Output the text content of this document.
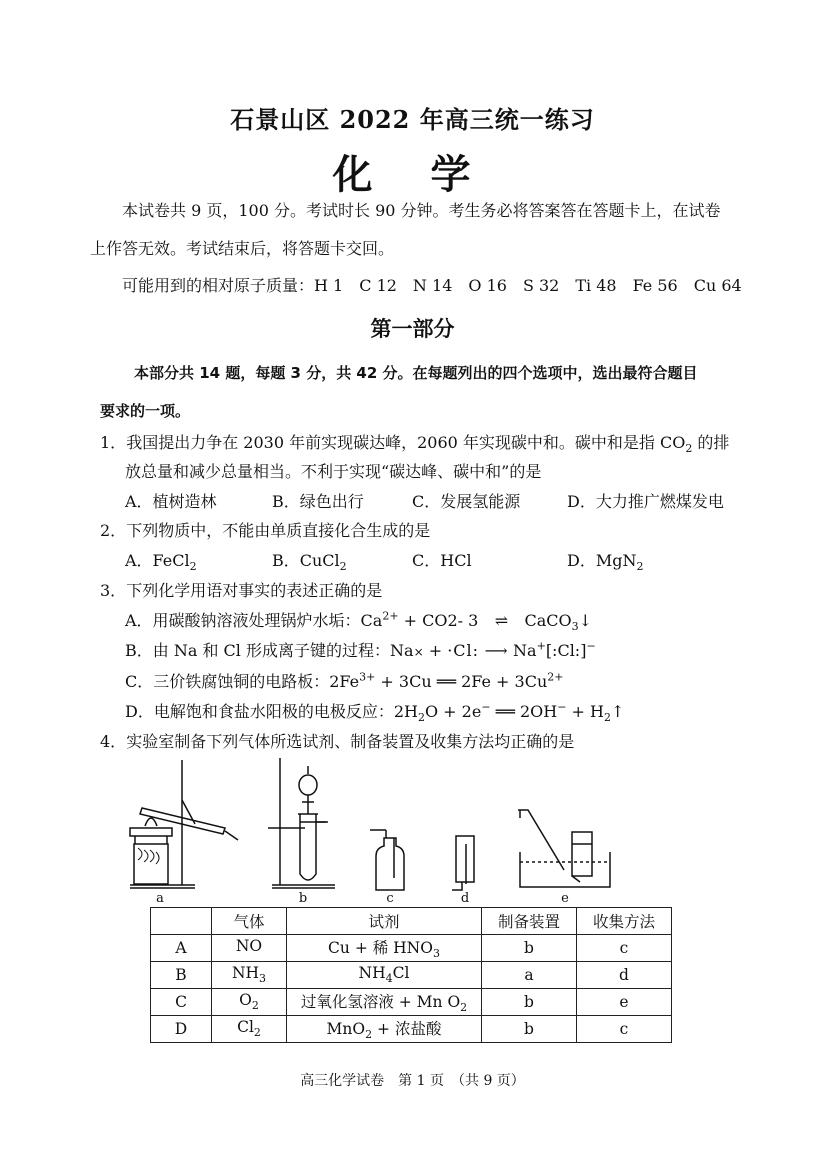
石景山区 2022 年高三统一练习
化 学
本试卷共 9 页，100 分。考试时长 90 分钟。考生务必将答案答在答题卡上，在试卷
上作答无效。考试结束后，将答题卡交回。
可能用到的相对原子质量：H 1 C 12 N 14 O 16 S 32 Ti 48 Fe 56 Cu 64
第一部分
本部分共 14 题，每题 3 分，共 42 分。在每题列出的四个选项中，选出最符合题目
要求的一项。
1．我国提出力争在 2030 年前实现碳达峰，2060 年实现碳中和。碳中和是指 $CO_2$ 的排
放总量和减少总量相当。不利于实现“碳达峰、碳中和”的是
A．植树造林	B．绿色出行	C．发展氢能源	D．大力推广燃煤发电
2．下列物质中，不能由单质直接化合生成的是
A．FeCl$_2$	B．CuCl$_2$	C．HCl	D．MgN$_2$
3．下列化学用语对事实的表述正确的是
A．用碳酸钠溶液处理锅炉水垢：$Ca^{2+} + CO2-$ 3 ⇌ CaCO$_3$↓
B．由 Na 和 Cl 形成离子键的过程：Na× + ·Cl: ⟶ Na+[:Cl:]−
C．三价铁腐蚀铜的电路板：$2Fe^{3+} + 3Cu$ ══ $2Fe + 3Cu^{2+}$
D．电解饱和食盐水阳极的电极反应：$2H_2O + 2e^-$ ══ $2OH^- + H_2↑$
4．实验室制备下列气体所选试剂、制备装置及收集方法均正确的是
a	b	c	d	e
	气体	试剂	制备装置	收集方法
A	NO	Cu + 稀 $HNO_3$	b	c
B	$NH_3$	$NH_4Cl$	a	d
C	$O_2$	过氧化氢溶液 + Mn $O_2$	b	e
D	$Cl_2$	MnO$_2$ + 浓盐酸	b	c
高三化学试卷　第 1 页　（共 9 页）
